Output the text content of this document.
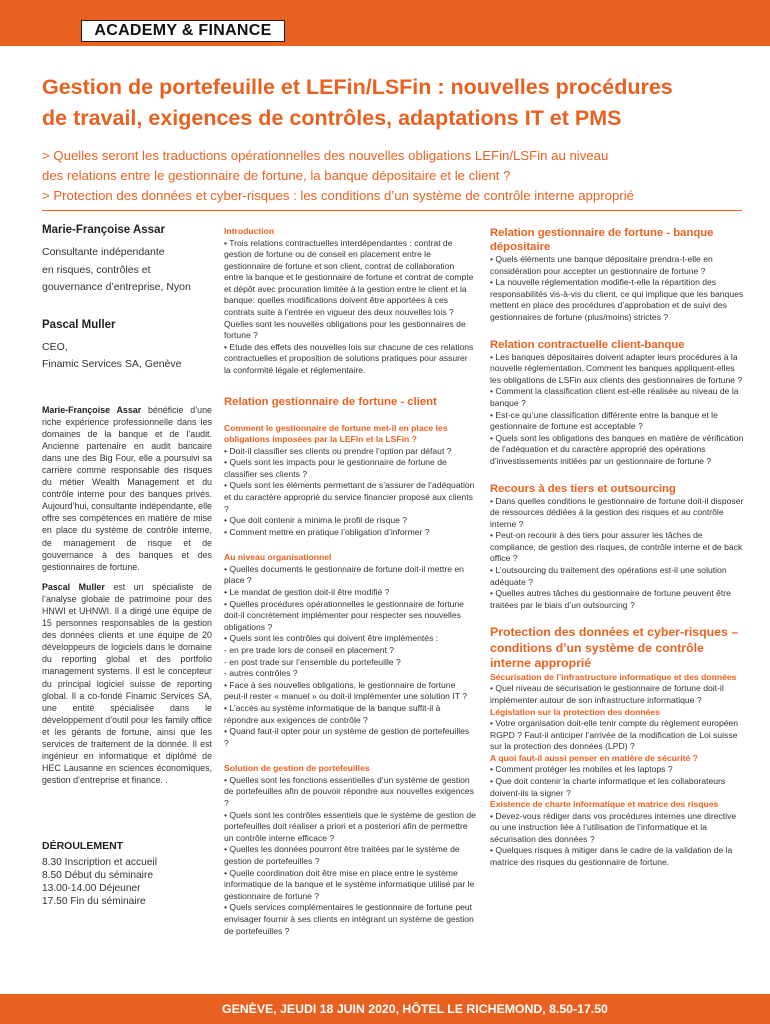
ACADEMY & FINANCE
Gestion de portefeuille et LEFin/LSFin : nouvelles procédures
de travail, exigences de contrôles, adaptations IT et PMS
> Quelles seront les traductions opérationnelles des nouvelles obligations LEFin/LSFin au niveau
des relations entre le gestionnaire de fortune, la banque dépositaire et le client ?
> Protection des données et cyber-risques : les conditions d’un système de contrôle interne approprié
Marie-Françoise Assar
Consultante indépendante
en risques, contrôles et
gouvernance d’entreprise, Nyon
Pascal Muller
CEO,
Finamic Services SA, Genève

Marie-Françoise Assar bénéficie d’une riche expérience professionnelle dans les domaines de la banque et de l’audit. Ancienne partenaire en audit bancaire dans une des Big Four, elle a poursuivi sa carrière comme responsable des risques du métier Wealth Management et du contrôle interne pour des banques privés. Aujourd’hui, consultante indépendante, elle offre ses compétences en matière de mise en place du système de contrôle interne, de management de risque et de gouvernance à des banques et des gestionnaires de fortune.

Pascal Muller est un spécialiste de l’analyse globale de patrimoine pour des HNWI et UHNWI. Il a dirigé une équipe de 15 personnes responsables de la gestion des données clients et une équipe de 20 développeurs de logiciels dans le domaine du reporting global et des portfolio management systems. Il est le concepteur du principal logiciel suisse de reporting global. Il a co-fondé Finamic Services SA, une entité spécialisée dans le développement d’outil pour les family office et les gérants de fortune, ainsi que les services de traitement de la donnée. Il est ingénieur en informatique et diplômé de HEC Lausanne en sciences économiques, gestion d’entreprise et finance. .

DÉROULEMENT
8.30 Inscription et accueil
8.50 Début du séminaire
13.00-14.00 Déjeuner
17.50 Fin du séminaire
Introduction
• Trois relations contractuelles interdépendantes : contrat de gestion de fortune ou de conseil en placement entre le gestionnaire de fortune et son client, contrat de collaboration entre la banque et le gestionnaire de fortune et contrat de compte et dépôt avec procuration limitée à la gestion entre le client et la banque: quelles modifications doivent être apportées à ces contrats suite à l’entrée en vigueur des deux nouvelles lois ? Quelles sont les nouvelles obligations pour les gestionnaires de fortune ?
• Etude des effets des nouvelles lois sur chacune de ces relations contractuelles et proposition de solutions pratiques pour assurer la conformité légale et réglementaire.
Relation gestionnaire de fortune - client
Comment le gestionnaire de fortune met-il en place les obligations imposées par la LEFin et la LSFin ?
• Doit-il classifier ses clients ou prendre l’option par défaut ?
• Quels sont les impacts pour le gestionnaire de fortune de classifier ses clients ?
• Quels sont les éléments permettant de s’assurer de l’adéquation et du caractère approprié du service financier proposé aux clients ?
• Que doit contenir a minima le profil de risque ?
• Comment mettre en pratique l’obligation d’informer ?
Au niveau organisationnel
• Quelles documents le gestionnaire de fortune doit-il mettre en place ?
• Le mandat de gestion doit-il être modifié ?
• Quelles procédures opérationnelles le gestionnaire de fortune doit-il concrètement implémenter pour respecter ses nouvelles obligations ?
• Quels sont les contrôles qui doivent être implémentés :
- en pre trade lors de conseil en placement ?
- en post trade sur l’ensemble du portefeuille ?
- autres contrôles ?
• Face à ses nouvelles obligations, le gestionnaire de fortune peut-il rester « manuel » ou doit-il implémenter une solution IT ?
• L’accès au système informatique de la banque suffit-il à répondre aux exigences de contrôle ?
• Quand faut-il opter pour un système de gestion de portefeuilles ?
Solution de gestion de portefeuilles
• Quelles sont les fonctions essentielles d’un système de gestion de portefeuilles afin de pouvoir répondre aux nouvelles exigences ?
• Quels sont les contrôles essentiels que le système de gestion de portefeuilles doit réaliser a priori et a posteriori afin de permettre un contrôle interne efficace ?
• Quelles les données pourront être traitées par le système de gestion de portefeuilles ?
• Quelle coordination doit être mise en place entre le système informatique de la banque et le système informatique utilisé par le gestionnaire de fortune ?
• Quels services complémentaires le gestionnaire de fortune peut envisager fournir à ses clients en intégrant un système de gestion de portefeuilles ?
Relation gestionnaire de fortune - banque dépositaire
• Quels éléments une banque dépositaire prendra-t-elle en considération pour accepter un gestionnaire de fortune ?
• La nouvelle réglementation modifie-t-elle la répartition des responsabilités vis-à-vis du client, ce qui implique que les banques mettent en place des procédures d’approbation et de suivi des gestionnaires de fortune (plus/moins) strictes ?
Relation contractuelle client-banque
• Les banques dépositaires doivent adapter leurs procédures à la nouvelle réglementation. Comment les banques appliquent-elles les obligations de LSFin aux clients des gestionnaires de fortune ?
• Comment la classification client est-elle réalisée au niveau de la banque ?
• Est-ce qu’une classification différente entre la banque et le gestionnaire de fortune est acceptable ?
• Quels sont les obligations des banques en matière de vérification de l’adéquation et du caractère approprié des opérations d’investissements initiées par un gestionnaire de fortune ?
Recours à des tiers et outsourcing
• Dans quelles conditions le gestionnaire de fortune doit-il disposer de ressources dédiées à la gestion des risques et au contrôle interne ?
• Peut-on recourir à des tiers pour assurer les tâches de compliance, de gestion des risques, de contrôle interne et de back office ?
• L’outsourcing du traitement des opérations est-il une solution adéquate ?
• Quelles autres tâches du gestionnaire de fortune peuvent être traitées par le biais d’un outsourcing ?
Protection des données et cyber-risques – conditions d’un système de contrôle interne approprié
Sécurisation de l’infrastructure informatique et des données
• Quel niveau de sécurisation le gestionnaire de fortune doit-il implémenter autour de son infrastructure informatique ?
Législation sur la protection des données
• Votre organisation doit-elle tenir compte du règlement européen RGPD ? Faut-il anticiper l’arrivée de la modification de Loi suisse sur la protection des données (LPD) ?
A quoi faut-il aussi penser en matière de sécurité ?
• Comment protéger les mobiles et les laptops ?
• Que doit contenir la charte informatique et les collaborateurs doivent-ils la signer ?
Existence de charte informatique et matrice des risques
• Devez-vous rédiger dans vos procédures internes une directive ou une instruction liée à l’utilisation de l’informatique et la sécurisation des données ?
• Quelques risques à mitiger dans le cadre de la validation de la matrice des risques du gestionnaire de fortune.
GENÈVE, JEUDI 18 JUIN 2020, HÔTEL LE RICHEMOND, 8.50-17.50
